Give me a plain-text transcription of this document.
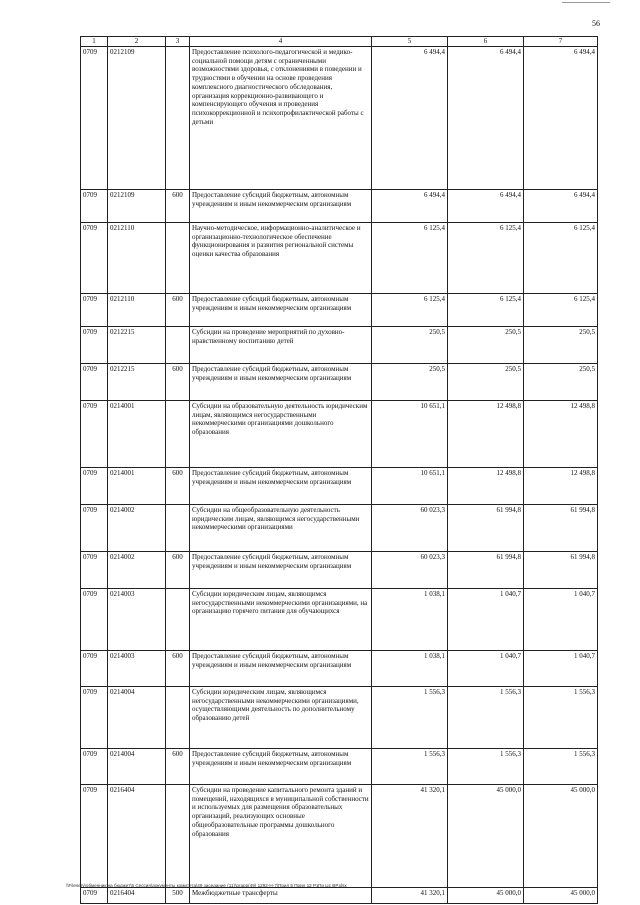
56
1	2	3	4	5	6	7
0709	0212109		Предоставление психолого-педагогической и медико-социальной помощи детям с ограниченными возможностями здоровья, с отклонениями в поведении и трудностями в обучении на основе проведения комплексного диагностического обследования, организация коррекционно-развивающего и компенсирующего обучения и проведения психокоррекционной и психопрофилактической работы с детьми	6 494,4	6 494,4	6 494,4
0709	0212109	600	Предоставление субсидий бюджетным, автономным учреждениям и иным некоммерческим организациям	6 494,4	6 494,4	6 494,4
0709	0212110		Научно-методическое, информационно-аналитическое и организационно-технологическое обеспечение функционирования и развития региональной системы оценки качества образования	6 125,4	6 125,4	6 125,4
0709	0212110	600	Предоставление субсидий бюджетным, автономным учреждениям и иным некоммерческим организациям	6 125,4	6 125,4	6 125,4
0709	0212215		Субсидии на проведение мероприятий по духовно-нравственному воспитанию детей	250,5	250,5	250,5
0709	0212215	600	Предоставление субсидий бюджетным, автономным учреждениям и иным некоммерческим организациям	250,5	250,5	250,5
0709	0214001		Субсидии на образовательную деятельность юридическим лицам, являющимся негосударственными некоммерческими организациями дошкольного образования	10 651,1	12 498,8	12 498,8
0709	0214001	600	Предоставление субсидий бюджетным, автономным учреждениям и иным некоммерческим организациям	10 651,1	12 498,8	12 498,8
0709	0214002		Субсидии на общеобразовательную деятельность юридическим лицам, являющимся негосударственными некоммерческими организациями	60 023,3	61 994,8	61 994,8
0709	0214002	600	Предоставление субсидий бюджетным, автономным учреждениям и иным некоммерческим организациям	60 023,3	61 994,8	61 994,8
0709	0214003		Субсидии юридическим лицам, являющимся негосударственными некоммерческими организациями, на организацию горячего питания для обучающихся	1 038,1	1 040,7	1 040,7
0709	0214003	600	Предоставление субсидий бюджетным, автономным учреждениям и иным некоммерческим организациям	1 038,1	1 040,7	1 040,7
0709	0214004		Субсидии юридическим лицам, являющимся негосударственными некоммерческими организациями, осуществляющими деятельность по дополнительному образованию детей	1 556,3	1 556,3	1 556,3
0709	0214004	600	Предоставление субсидий бюджетным, автономным учреждениям и иным некоммерческим организациям	1 556,3	1 556,3	1 556,3
0709	0216404		Субсидии на проведение капитального ремонта зданий и помещений, находящихся в муниципальной собственности и используемых для размещения образовательных организаций, реализующих основные общеобразовательные программы дошкольного образования	41 320,1	45 000,0	45 000,0
0709	0216404	500	Межбюджетные трансферты	41 320,1	45 000,0	45 000,0
\\Fileserv\обменник на бюджет\5 Сессия\документы комитета\49 заседание (11)\ргарр(49) 1292-Н-7\Прил 5 Прил 12 РзПр Цс ВР.xlsx
